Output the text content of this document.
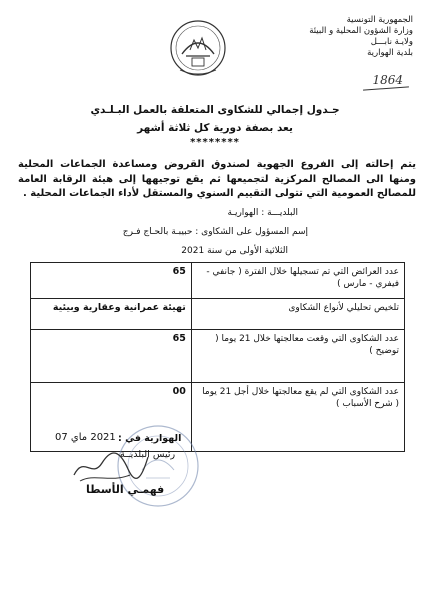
الجمهورية التونسية
وزارة الشؤون المحلية و البيئة
ولايـة نابـــل
بلدية الهوارية
1864
جـدول إجمالي للشكاوى المتعلقة بالعمل البـلـدي
يعد بصفة دورية كل ثلاثة أشهر
********
يتم إحالته إلى الفروع الجهوية لصندوق القروض ومساعدة الجماعات المحلية ومنها الى المصالح المركزية لتجميعها ثم يقع توجيهها إلى هيئة الرقابة العامة للمصالح العمومية التي تتولى التقييم السنوي والمستقل لأداء الجماعات المحلية .
البلديـــة : الهواريـة
إسم المسؤول على الشكاوى : حبيبـة بالحـاج فـرج
الثلاثية الأولى من سنة 2021
عدد العرائض التي تم تسجيلها خلال الفترة ( جانفي - فيفري - مارس )	65
تلخيص تحليلي لأنواع الشكاوى	تهيئة عمرانية وعقارية وبيئية
عدد الشكاوى التي وقعت معالجتها خلال 21 يوما ( توضيح )	65
عدد الشكاوى التي لم يقع معالجتها خلال أجل 21 يوما ( شرح الأسباب )	00
2021 ماي 07 الهوارية في :
رئيس البلديــة
فهمـي الأسطا
